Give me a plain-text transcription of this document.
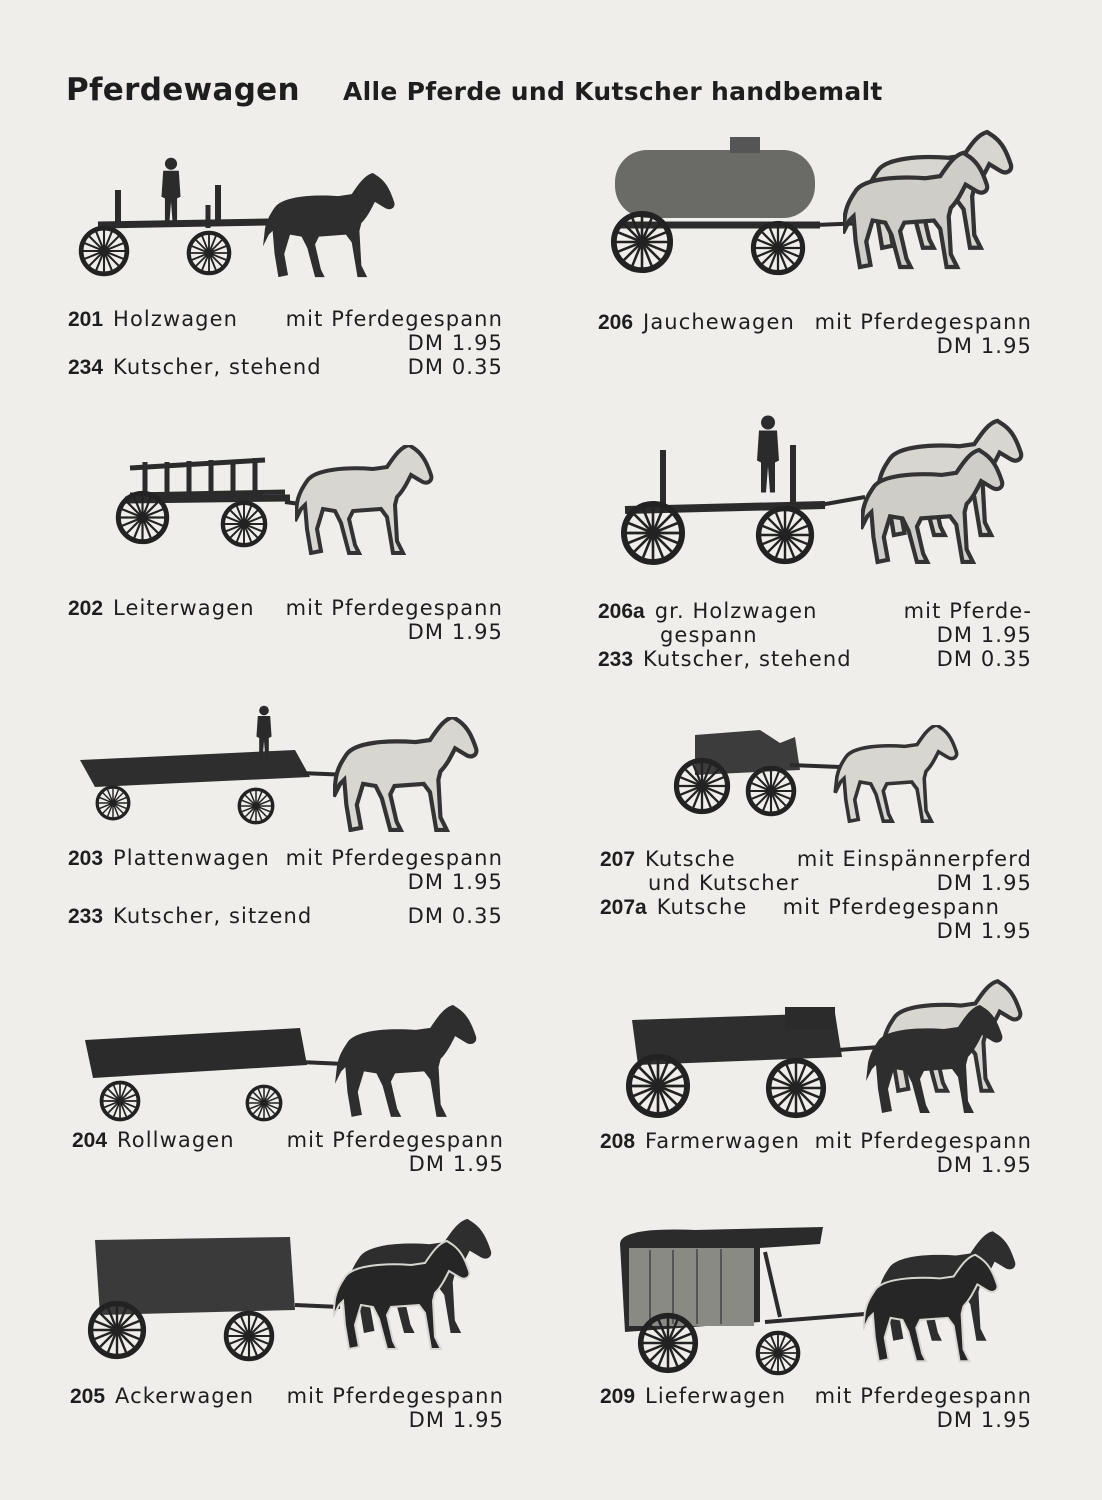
Pferdewagen Alle Pferde und Kutscher handbemalt
201 Holzwagen mit Pferdegespann
DM 1.95
234 Kutscher, stehend	DM 0.35
202 Leiterwagen mit Pferdegespann
DM 1.95
203 Plattenwagen mit Pferdegespann
DM 1.95
233 Kutscher, sitzend	DM 0.35
204 Rollwagen mit Pferdegespann
DM 1.95
205 Ackerwagen mit Pferdegespann
DM 1.95
206 Jauchewagen mit Pferdegespann
DM 1.95
206a gr. Holzwagen	mit Pferde-
gespann	DM 1.95
233 Kutscher, stehend	DM 0.35
207 Kutsche	mit Einspännerpferd
und Kutscher	DM 1.95
207a Kutsche mit Pferdegespann
DM 1.95
208 Farmerwagen mit Pferdegespann
DM 1.95
209 Lieferwagen mit Pferdegespann
DM 1.95
